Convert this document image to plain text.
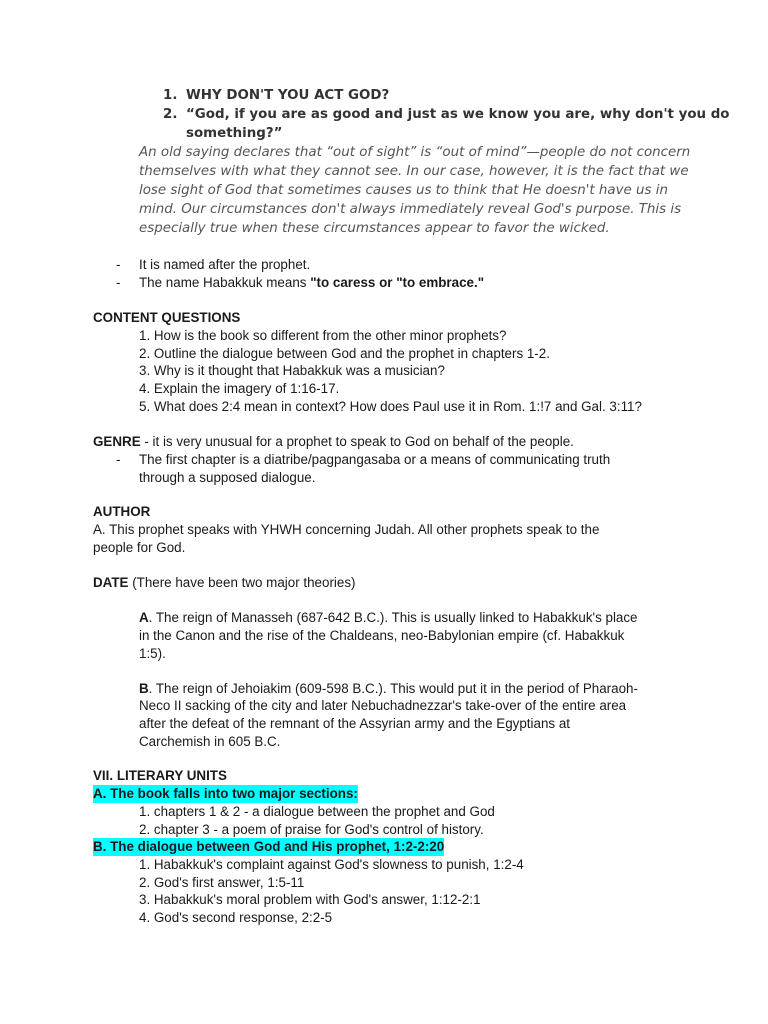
1. WHY DON'T YOU ACT GOD?
2. “God, if you are as good and just as we know you are, why don't you do
something?”
An old saying declares that “out of sight” is “out of mind”—people do not concern
themselves with what they cannot see. In our case, however, it is the fact that we
lose sight of God that sometimes causes us to think that He doesn't have us in
mind. Our circumstances don't always immediately reveal God's purpose. This is
especially true when these circumstances appear to favor the wicked.
- It is named after the prophet.
- The name Habakkuk means "to caress or "to embrace."
CONTENT QUESTIONS
1. How is the book so different from the other minor prophets?
2. Outline the dialogue between God and the prophet in chapters 1-2.
3. Why is it thought that Habakkuk was a musician?
4. Explain the imagery of 1:16-17.
5. What does 2:4 mean in context? How does Paul use it in Rom. 1:!7 and Gal. 3:11?
GENRE - it is very unusual for a prophet to speak to God on behalf of the people.
- The first chapter is a diatribe/pagpangasaba or a means of communicating truth
through a supposed dialogue.
AUTHOR
A. This prophet speaks with YHWH concerning Judah. All other prophets speak to the
people for God.
DATE (There have been two major theories)
A. The reign of Manasseh (687-642 B.C.). This is usually linked to Habakkuk's place
in the Canon and the rise of the Chaldeans, neo-Babylonian empire (cf. Habakkuk
1:5).
B. The reign of Jehoiakim (609-598 B.C.). This would put it in the period of Pharaoh-
Neco II sacking of the city and later Nebuchadnezzar's take-over of the entire area
after the defeat of the remnant of the Assyrian army and the Egyptians at
Carchemish in 605 B.C.
VII. LITERARY UNITS
A. The book falls into two major sections:
1. chapters 1 & 2 - a dialogue between the prophet and God
2. chapter 3 - a poem of praise for God's control of history.
B. The dialogue between God and His prophet, 1:2-2:20
1. Habakkuk's complaint against God's slowness to punish, 1:2-4
2. God's first answer, 1:5-11
3. Habakkuk's moral problem with God's answer, 1:12-2:1
4. God's second response, 2:2-5
